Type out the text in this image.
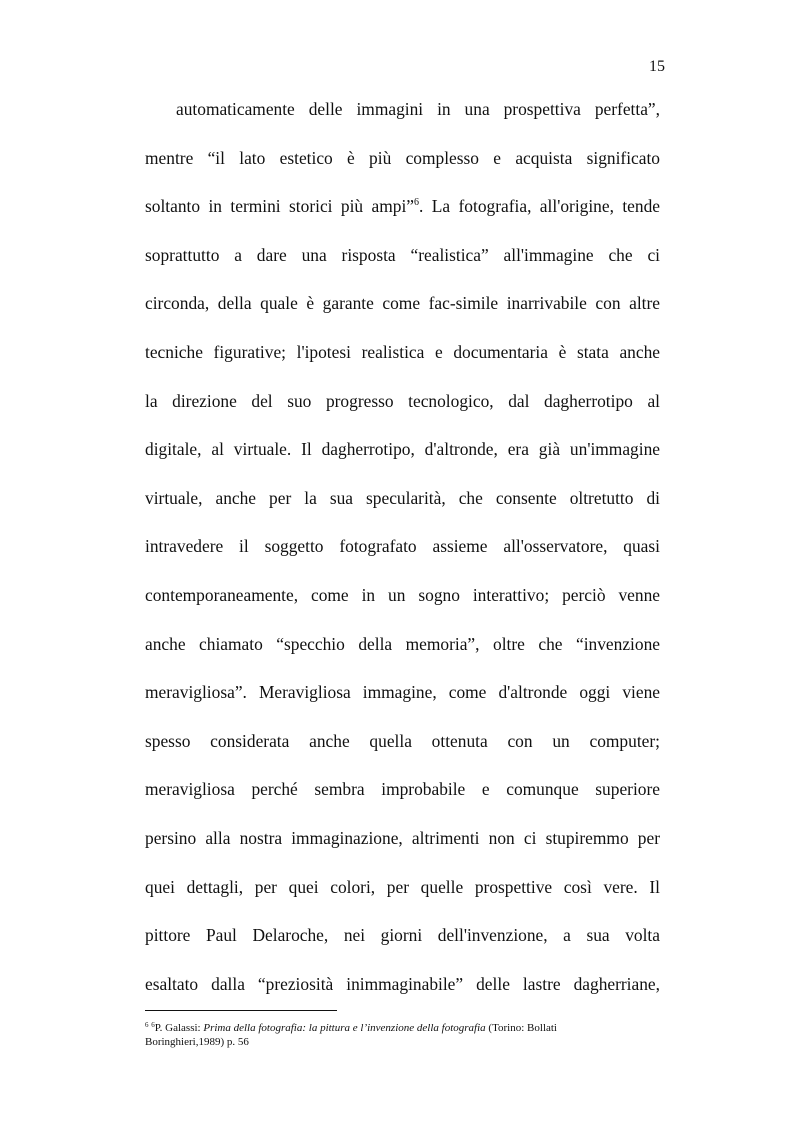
15
automaticamente delle immagini in una prospettiva perfetta”,
mentre “il lato estetico è più complesso e acquista significato
soltanto in termini storici più ampi”$^6$. La fotografia, all'origine, tende
soprattutto a dare una risposta “realistica” all'immagine che ci
circonda, della quale è garante come fac-simile inarrivabile con altre
tecniche figurative; l'ipotesi realistica e documentaria è stata anche
la direzione del suo progresso tecnologico, dal dagherrotipo al
digitale, al virtuale. Il dagherrotipo, d'altronde, era già un'immagine
virtuale, anche per la sua specularità, che consente oltretutto di
intravedere il soggetto fotografato assieme all'osservatore, quasi
contemporaneamente, come in un sogno interattivo; perciò venne
anche chiamato “specchio della memoria”, oltre che “invenzione
meravigliosa”. Meravigliosa immagine, come d'altronde oggi viene
spesso considerata anche quella ottenuta con un computer;
meravigliosa perché sembra improbabile e comunque superiore
persino alla nostra immaginazione, altrimenti non ci stupiremmo per
quei dettagli, per quei colori, per quelle prospettive così vere. Il
pittore Paul Delaroche, nei giorni dell'invenzione, a sua volta
esaltato dalla “preziosità inimmaginabile” delle lastre dagherriane,
$^6$ $^6$P. Galassi: Prima della fotografia: la pittura e l’invenzione della fotografia (Torino: Bollati
Boringhieri,1989) p. 56
